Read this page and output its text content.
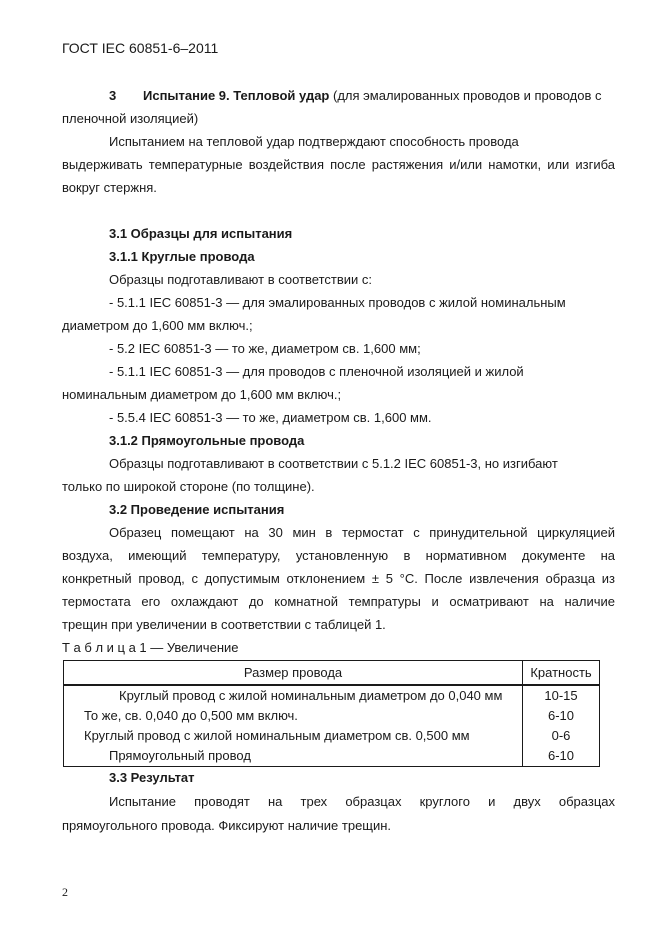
ГОСТ IEC 60851-6–2011
3 Испытание 9. Тепловой удар (для эмалированных проводов и проводов с
пленочной изоляцией)
Испытанием на тепловой удар подтверждают способность провода
выдерживать температурные воздействия после растяжения и/или намотки, или изгиба
вокруг стержня.
3.1 Образцы для испытания
3.1.1 Круглые провода
Образцы подготавливают в соответствии с:
- 5.1.1 IEC 60851-3 — для эмалированных проводов с жилой номинальным
диаметром до 1,600 мм включ.;
- 5.2 IEC 60851-3 — то же, диаметром св. 1,600 мм;
- 5.1.1 IEC 60851-3 — для проводов с пленочной изоляцией и жилой
номинальным диаметром до 1,600 мм включ.;
- 5.5.4 IEC 60851-3 — то же, диаметром св. 1,600 мм.
3.1.2 Прямоугольные провода
Образцы подготавливают в соответствии с 5.1.2 IEC 60851-3, но изгибают
только по широкой стороне (по толщине).
3.2 Проведение испытания
Образец помещают на 30 мин в термостат с принудительной циркуляцией
воздуха, имеющий температуру, установленную в нормативном документе на
конкретный провод, с допустимым отклонением ± 5 °С. После извлечения образца из
термостата его охлаждают до комнатной темпратуры и осматривают на наличие
трещин при увеличении в соответствии с таблицей 1.
Т а б л и ц а 1 — Увеличение
Размер провода	Кратность
Круглый провод с жилой номинальным диаметром до 0,040 мм	10-15
То же, св. 0,040 до 0,500 мм включ.	6-10
Круглый провод с жилой номинальным диаметром св. 0,500 мм	0-6
Прямоугольный провод	6-10
3.3 Результат
Испытание проводят на трех образцах круглого и двух образцах
прямоугольного провода. Фиксируют наличие трещин.
2
